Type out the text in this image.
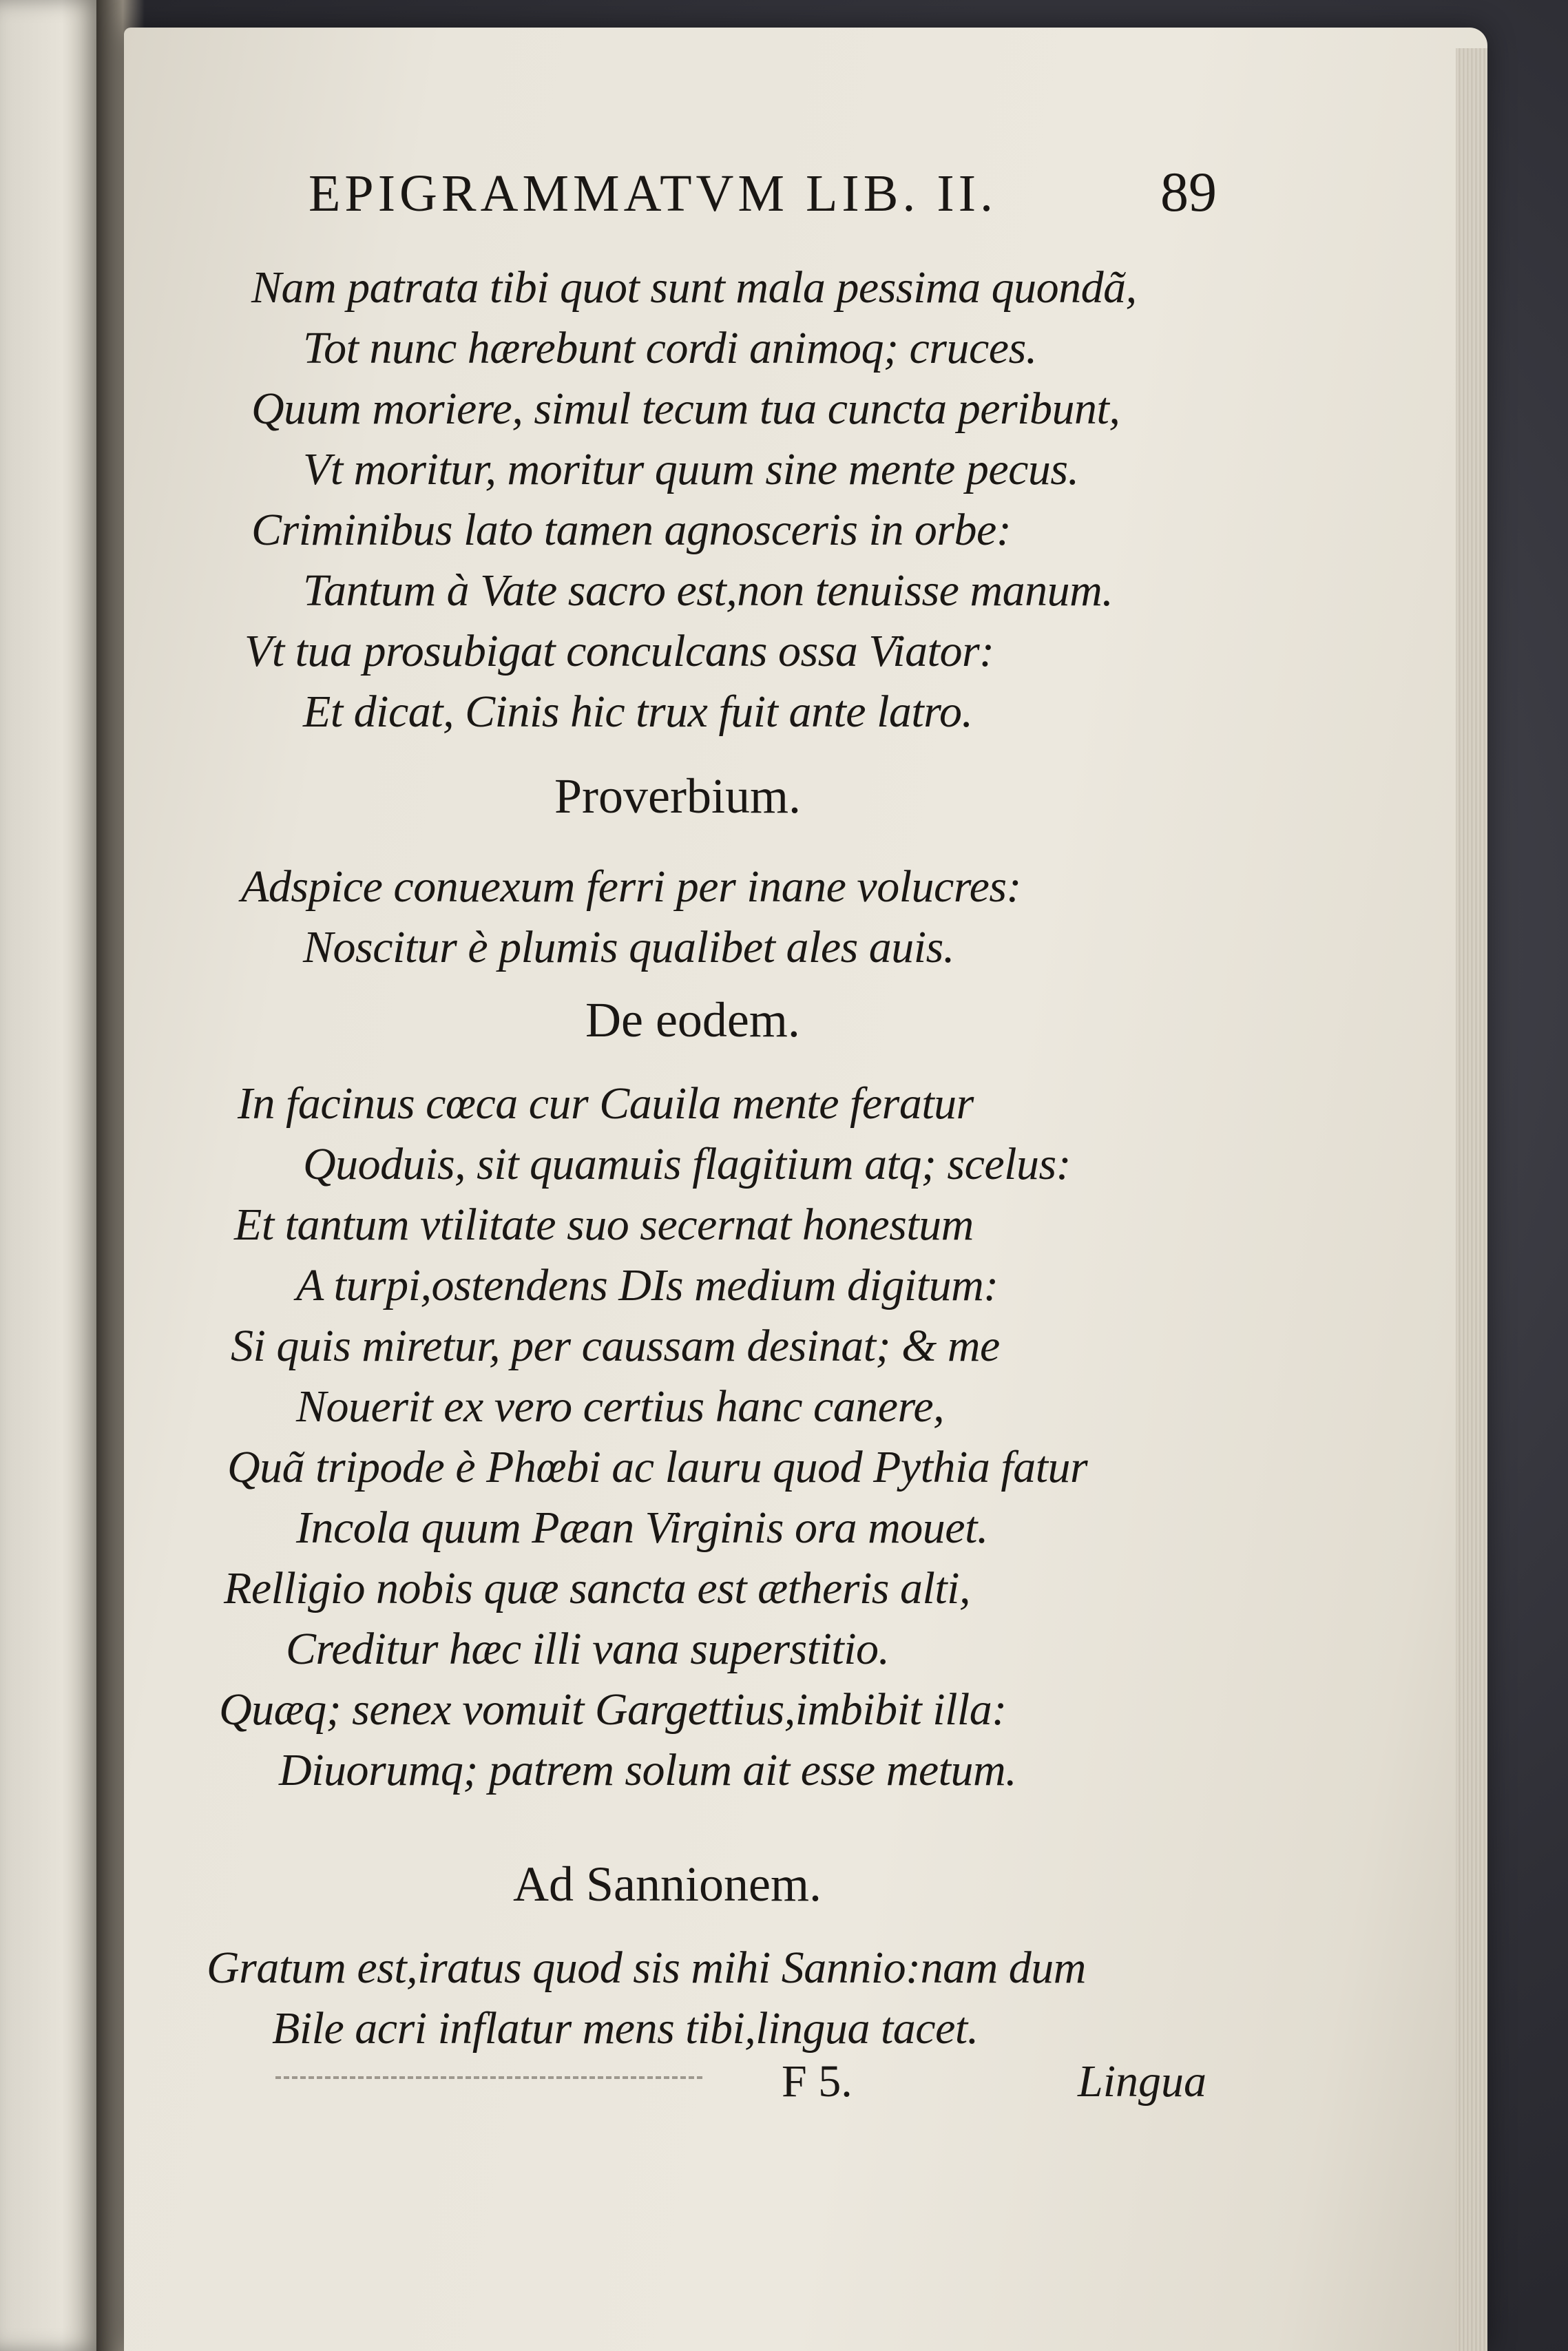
EPIGRAMMATVM LIB. II.	89
Nam patrata tibi quot sunt mala pessima quondã,
Tot nunc hærebunt cordi animoq; cruces.
Quum moriere, simul tecum tua cuncta peribunt,
Vt moritur, moritur quum sine mente pecus.
Criminibus lato tamen agnosceris in orbe:
Tantum à Vate sacro est,non tenuisse manum.
Vt tua prosubigat conculcans ossa Viator:
Et dicat, Cinis hic trux fuit ante latro.
Proverbium.
Adspice conuexum ferri per inane volucres:
Noscitur è plumis qualibet ales auis.
De eodem.
In facinus cœca cur Cauila mente feratur
Quoduis, sit quamuis flagitium atq; scelus:
Et tantum vtilitate suo secernat honestum
A turpi,ostendens DIs medium digitum:
Si quis miretur, per caussam desinat; & me
Nouerit ex vero certius hanc canere,
Quã tripode è Phœbi ac lauru quod Pythia fatur
Incola quum Pæan Virginis ora mouet.
Relligio nobis quæ sancta est ætheris alti,
Creditur hæc illi vana superstitio.
Quæq; senex vomuit Gargettius,imbibit illa:
Diuorumq; patrem solum ait esse metum.
Ad Sannionem.
Gratum est,iratus quod sis mihi Sannio:nam dum
Bile acri inflatur mens tibi,lingua tacet.
F 5.	Lingua
